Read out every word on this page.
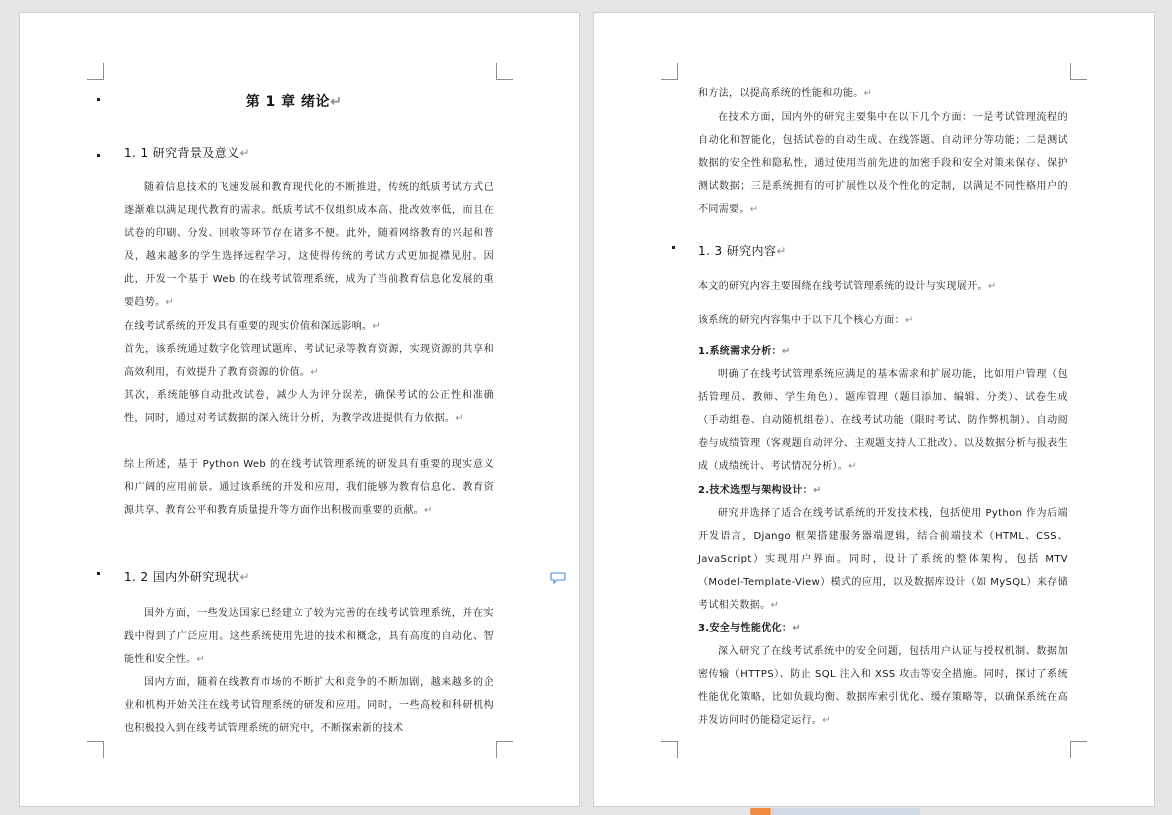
第 1 章 绪论↵
1. 1 研究背景及意义↵
随着信息技术的飞速发展和教育现代化的不断推进，传统的纸质考试方式已逐渐难以满足现代教育的需求。纸质考试不仅组织成本高、批改效率低，而且在试卷的印刷、分发、回收等环节存在诸多不便。此外，随着网络教育的兴起和普及，越来越多的学生选择远程学习，这使得传统的考试方式更加捉襟见肘。因此，开发一个基于 Web 的在线考试管理系统，成为了当前教育信息化发展的重要趋势。↵
在线考试系统的开发具有重要的现实价值和深远影响。↵
首先，该系统通过数字化管理试题库、考试记录等教育资源，实现资源的共享和高效利用，有效提升了教育资源的价值。↵
其次，系统能够自动批改试卷，减少人为评分误差，确保考试的公正性和准确性，同时，通过对考试数据的深入统计分析，为教学改进提供有力依据。↵
综上所述，基于 Python Web 的在线考试管理系统的研发具有重要的现实意义和广阔的应用前景。通过该系统的开发和应用，我们能够为教育信息化、教育资源共享、教育公平和教育质量提升等方面作出积极而重要的贡献。↵
1. 2 国内外研究现状↵
国外方面，一些发达国家已经建立了较为完善的在线考试管理系统，并在实践中得到了广泛应用。这些系统使用先进的技术和概念，具有高度的自动化、智能性和安全性。↵
国内方面，随着在线教育市场的不断扩大和竞争的不断加剧，越来越多的企业和机构开始关注在线考试管理系统的研发和应用。同时，一些高校和科研机构也积极投入到在线考试管理系统的研究中，不断探索新的技术
和方法，以提高系统的性能和功能。↵
在技术方面，国内外的研究主要集中在以下几个方面：一是考试管理流程的自动化和智能化，包括试卷的自动生成、在线答题、自动评分等功能；二是测试数据的安全性和隐私性，通过使用当前先进的加密手段和安全对策来保存、保护测试数据；三是系统拥有的可扩展性以及个性化的定制，以满足不同性格用户的不同需要。↵
1. 3 研究内容↵
本文的研究内容主要围绕在线考试管理系统的设计与实现展开。↵
该系统的研究内容集中于以下几个核心方面：↵
1.系统需求分析：↵
明确了在线考试管理系统应满足的基本需求和扩展功能，比如用户管理（包括管理员、教师、学生角色）、题库管理（题目添加、编辑、分类）、试卷生成（手动组卷、自动随机组卷）、在线考试功能（限时考试、防作弊机制）、自动阅卷与成绩管理（客观题自动评分、主观题支持人工批改）、以及数据分析与报表生成（成绩统计、考试情况分析）。↵
2.技术选型与架构设计：↵
研究并选择了适合在线考试系统的开发技术栈，包括使用 Python 作为后端开发语言，Django 框架搭建服务器端逻辑，结合前端技术（HTML、CSS、JavaScript）实现用户界面。同时，设计了系统的整体架构，包括 MTV（Model-Template-View）模式的应用，以及数据库设计（如 MySQL）来存储考试相关数据。↵
3.安全与性能优化：↵
深入研究了在线考试系统中的安全问题，包括用户认证与授权机制、数据加密传输（HTTPS）、防止 SQL 注入和 XSS 攻击等安全措施。同时，探讨了系统性能优化策略，比如负载均衡、数据库索引优化、缓存策略等，以确保系统在高并发访问时仍能稳定运行。↵
